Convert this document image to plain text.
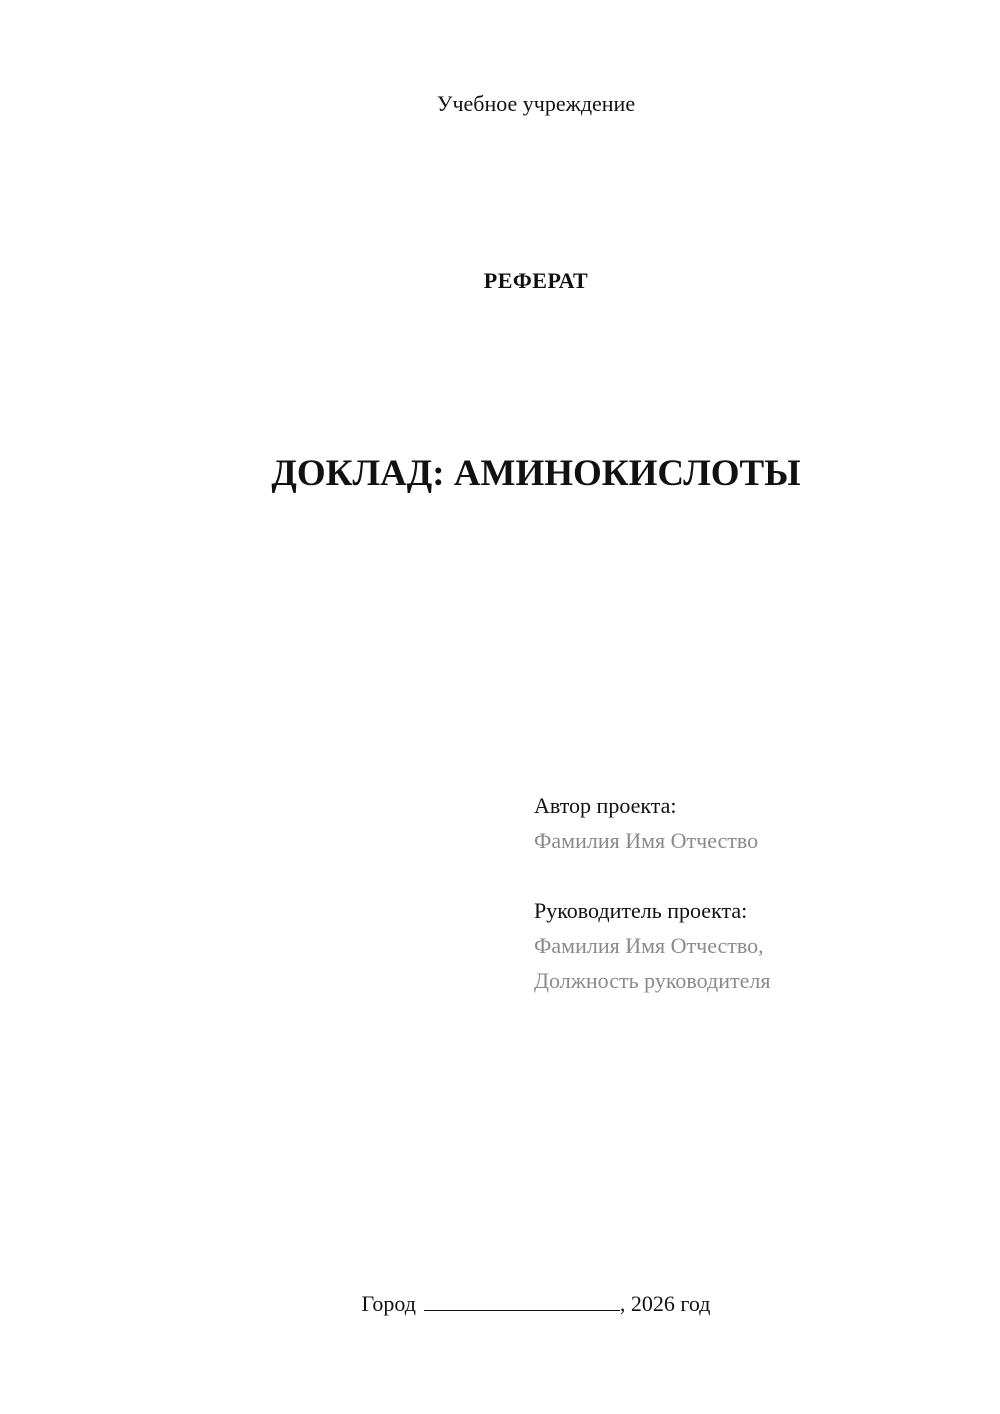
Учебное учреждение
РЕФЕРАТ
ДОКЛАД: АМИНОКИСЛОТЫ
Автор проекта:
Фамилия Имя Отчество
Руководитель проекта:
Фамилия Имя Отчество,
Должность руководителя
Город	, 2026 год
